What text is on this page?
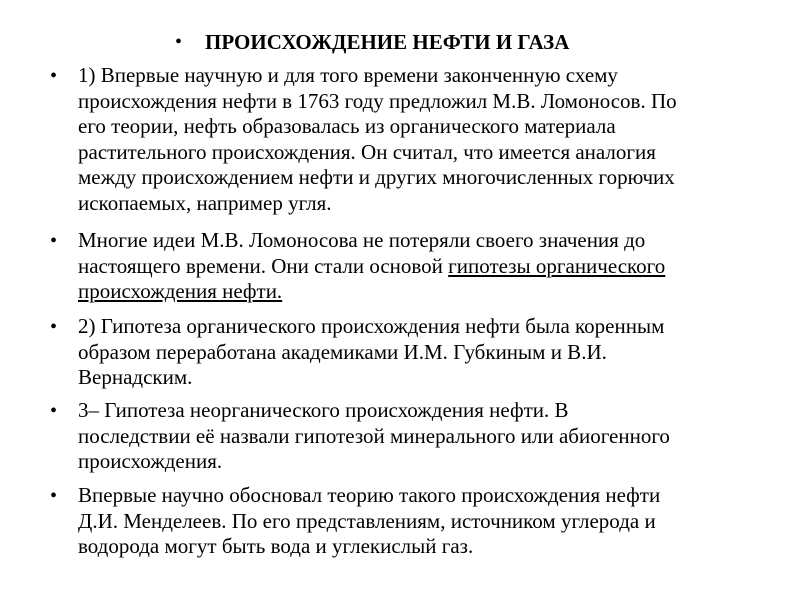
• ПРОИСХОЖДЕНИЕ НЕФТИ И ГАЗА
• 1) Впервые научную и для того времени законченную схему
происхождения нефти в 1763 году предложил М.В. Ломоносов. По
его теории, нефть образовалась из органического материала
растительного происхождения. Он считал, что имеется аналогия
между происхождением нефти и других многочисленных горючих
ископаемых, например угля.
• Многие идеи М.В. Ломоносова не потеряли своего значения до
настоящего времени. Они стали основой гипотезы органического
происхождения нефти.
• 2) Гипотеза органического происхождения нефти была коренным
образом переработана академиками И.М. Губкиным и В.И.
Вернадским.
• 3– Гипотеза неорганического происхождения нефти. В
последствии её назвали гипотезой минерального или абиогенного
происхождения.
• Впервые научно обосновал теорию такого происхождения нефти
Д.И. Менделеев. По его представлениям, источником углерода и
водорода могут быть вода и углекислый газ.
